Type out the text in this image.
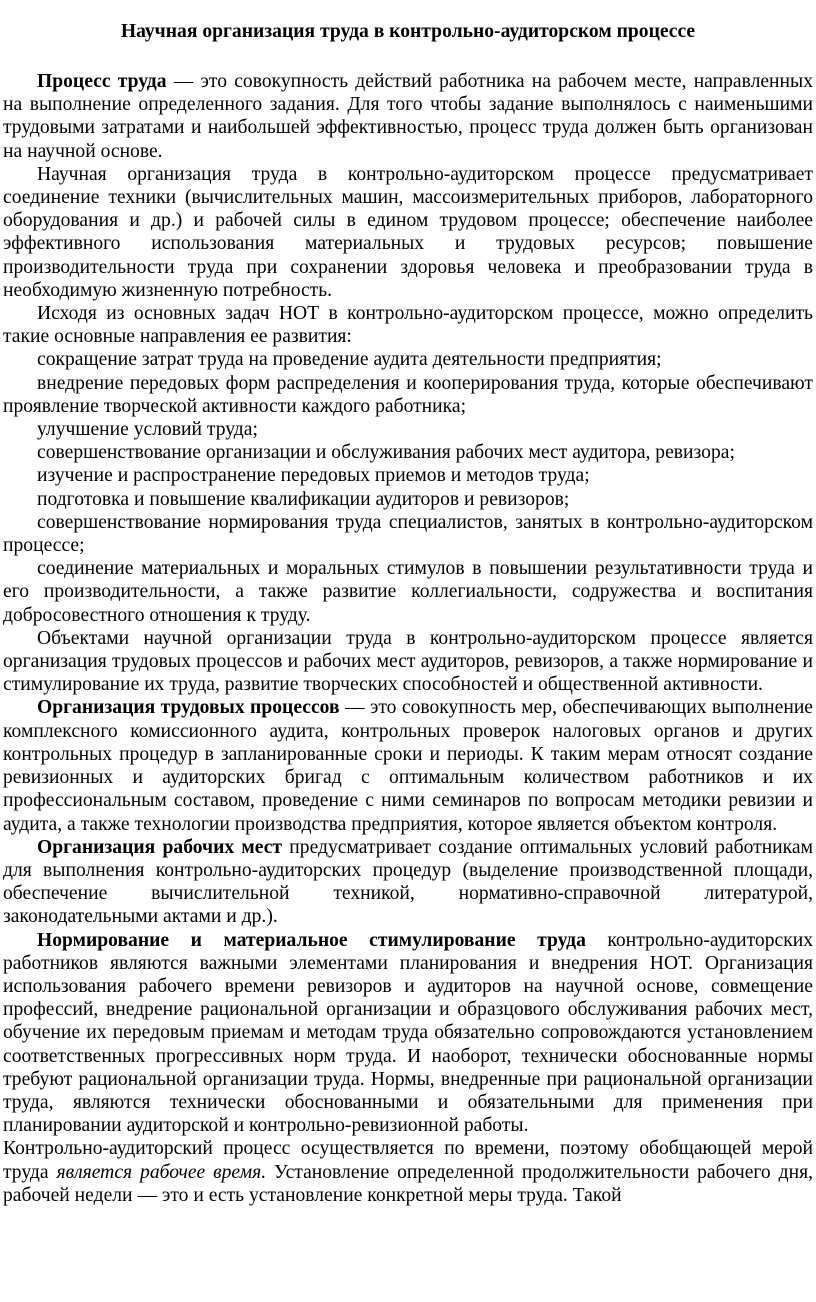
Научная организация труда в контрольно-аудиторском процессе

Процесс труда — это совокупность действий работника на рабочем месте, направленных на выполнение определенного задания. Для того чтобы задание выполнялось с наименьшими трудовыми затратами и наибольшей эффективностью, процесс труда должен быть организован на научной основе.

Научная организация труда в контрольно-аудиторском процессе предусматривает соединение техники (вычислительных машин, массоизмерительных приборов, лабораторного оборудования и др.) и рабочей силы в едином трудовом процессе; обеспечение наиболее эффективного использования материальных и трудовых ресурсов; повышение производительности труда при сохранении здоровья человека и преобразовании труда в необходимую жизненную потребность.

Исходя из основных задач НОТ в контрольно-аудиторском процессе, можно определить такие основные направления ее развития:

сокращение затрат труда на проведение аудита деятельности предприятия;

внедрение передовых форм распределения и кооперирования труда, которые обеспечивают проявление творческой активности каждого работника;

улучшение условий труда;

совершенствование организации и обслуживания рабочих мест аудитора, ревизора;

изучение и распространение передовых приемов и методов труда;

подготовка и повышение квалификации аудиторов и ревизоров;

совершенствование нормирования труда специалистов, занятых в контрольно-аудиторском процессе;

соединение материальных и моральных стимулов в повышении результативности труда и его производительности, а также развитие коллегиальности, содружества и воспитания добросовестного отношения к труду.

Объектами научной организации труда в контрольно-аудиторском процессе является организация трудовых процессов и рабочих мест аудиторов, ревизоров, а также нормирование и стимулирование их труда, развитие творческих способностей и общественной активности.

Организация трудовых процессов — это совокупность мер, обеспечивающих выполнение комплексного комиссионного аудита, контрольных проверок налоговых органов и других контрольных процедур в запланированные сроки и периоды. К таким мерам относят создание ревизионных и аудиторских бригад с оптимальным количеством работников и их профессиональным составом, проведение с ними семинаров по вопросам методики ревизии и аудита, а также технологии производства предприятия, которое является объектом контроля.

Организация рабочих мест предусматривает создание оптимальных условий работникам для выполнения контрольно-аудиторских процедур (выделение производственной площади, обеспечение вычислительной техникой, нормативно-справочной литературой, законодательными актами и др.).

Нормирование и материальное стимулирование труда контрольно-аудиторских работников являются важными элементами планирования и внедрения НОТ. Организация использования рабочего времени ревизоров и аудиторов на научной основе, совмещение профессий, внедрение рациональной организации и образцового обслуживания рабочих мест, обучение их передовым приемам и методам труда обязательно сопровождаются установлением соответственных прогрессивных норм труда. И наоборот, технически обоснованные нормы требуют рациональной организации труда. Нормы, внедренные при рациональной организации труда, являются технически обоснованными и обязательными для применения при планировании аудиторской и контрольно-ревизионной работы.

Контрольно-аудиторский процесс осуществляется по времени, поэтому обобщающей мерой труда является рабочее время. Установление определенной продолжительности рабочего дня, рабочей недели — это и есть установление конкретной меры труда. Такой
